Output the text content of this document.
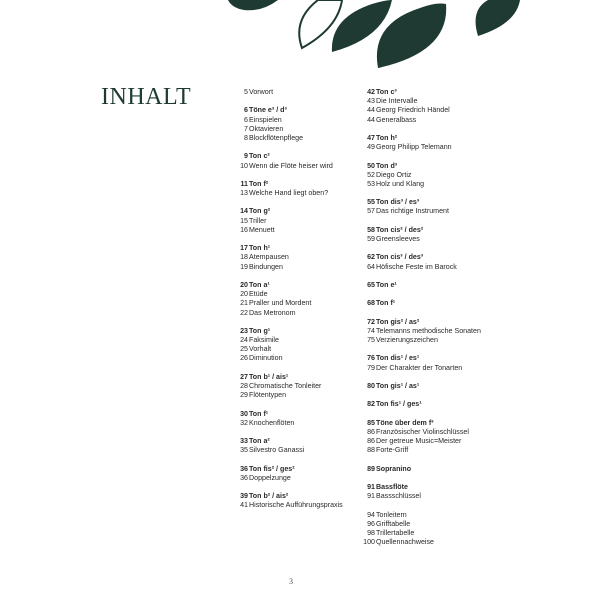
INHALT	5 Vorwort
6 Töne e³ / d³
6 Einspielen
7 Oktavieren
8 Blockflötenpflege
9 Ton c²
10 Wenn die Flöte heiser wird
11 Ton f²
13 Welche Hand liegt oben?
14 Ton g²
15 Triller
16 Menuett
17 Ton h¹
18 Atempausen
19 Bindungen
20 Ton a¹
20 Etüde
21 Praller und Mordent
22 Das Metronom
23 Ton g¹
24 Faksimile
25 Vorhalt
26 Diminution
27 Ton b¹ / ais¹
28 Chromatische Tonleiter
29 Flötentypen
30 Ton f¹
32 Knochenflöten
33 Ton a²
35 Silvestro Ganassi
36 Ton fis² / ges²
36 Doppelzunge
39 Ton b² / ais²
41 Historische Aufführungspraxis
42 Ton c³
43 Die Intervalle
44 Georg Friedrich Händel
44 Generalbass
47 Ton h²
49 Georg Philipp Telemann
50 Ton d³
52 Diego Ortiz
53 Holz und Klang
55 Ton dis³ / es³
57 Das richtige Instrument
58 Ton cis² / des²
59 Greensleeves
62 Ton cis³ / des³
64 Höfische Feste im Barock
65 Ton e¹
68 Ton f¹
72 Ton gis² / as²
74 Telemanns methodische Sonaten
75 Verzierungszeichen
76 Ton dis¹ / es¹
79 Der Charakter der Tonarten
80 Ton gis¹ / as¹
82 Ton fis¹ / ges¹
85 Töne über dem f³
86 Französischer Violinschlüssel
86 Der getreue Music=Meister
88 Forte-Griff
89 Sopranino
91 Bassflöte
91 Bassschlüssel
94 Tonleitern
96 Grifftabelle
98 Trillertabelle
100 Quellennachweise
3
